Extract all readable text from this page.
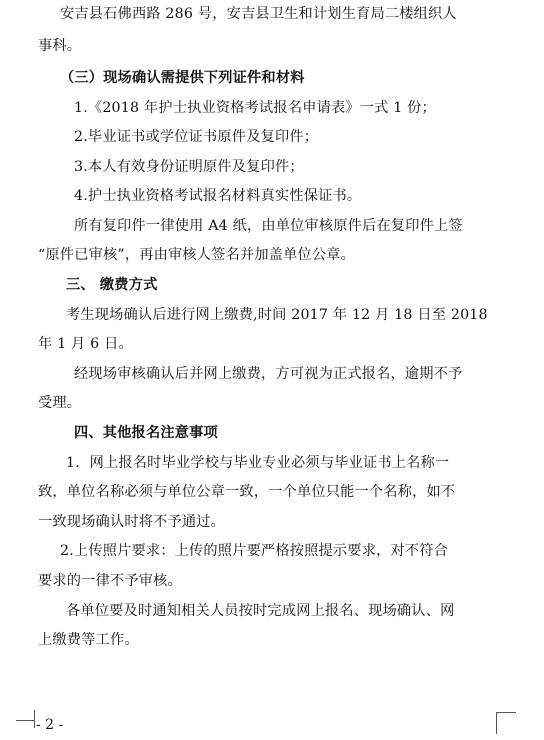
安吉县石佛西路 286 号，安吉县卫生和计划生育局二楼组织人
事科。
（三）现场确认需提供下列证件和材料
1.《2018 年护士执业资格考试报名申请表》一式 1 份；
2.毕业证书或学位证书原件及复印件；
3.本人有效身份证明原件及复印件；
4.护士执业资格考试报名材料真实性保证书。
所有复印件一律使用 A4 纸，由单位审核原件后在复印件上签
“原件已审核”，再由审核人签名并加盖单位公章。
三、 缴费方式
考生现场确认后进行网上缴费,时间 2017 年 12 月 18 日至 2018
年 1 月 6 日。
经现场审核确认后并网上缴费，方可视为正式报名，逾期不予
受理。
四、其他报名注意事项
1．网上报名时毕业学校与毕业专业必须与毕业证书上名称一
致，单位名称必须与单位公章一致，一个单位只能一个名称，如不
一致现场确认时将不予通过。
2.上传照片要求：上传的照片要严格按照提示要求，对不符合
要求的一律不予审核。
各单位要及时通知相关人员按时完成网上报名、现场确认、网
上缴费等工作。
- 2 -
